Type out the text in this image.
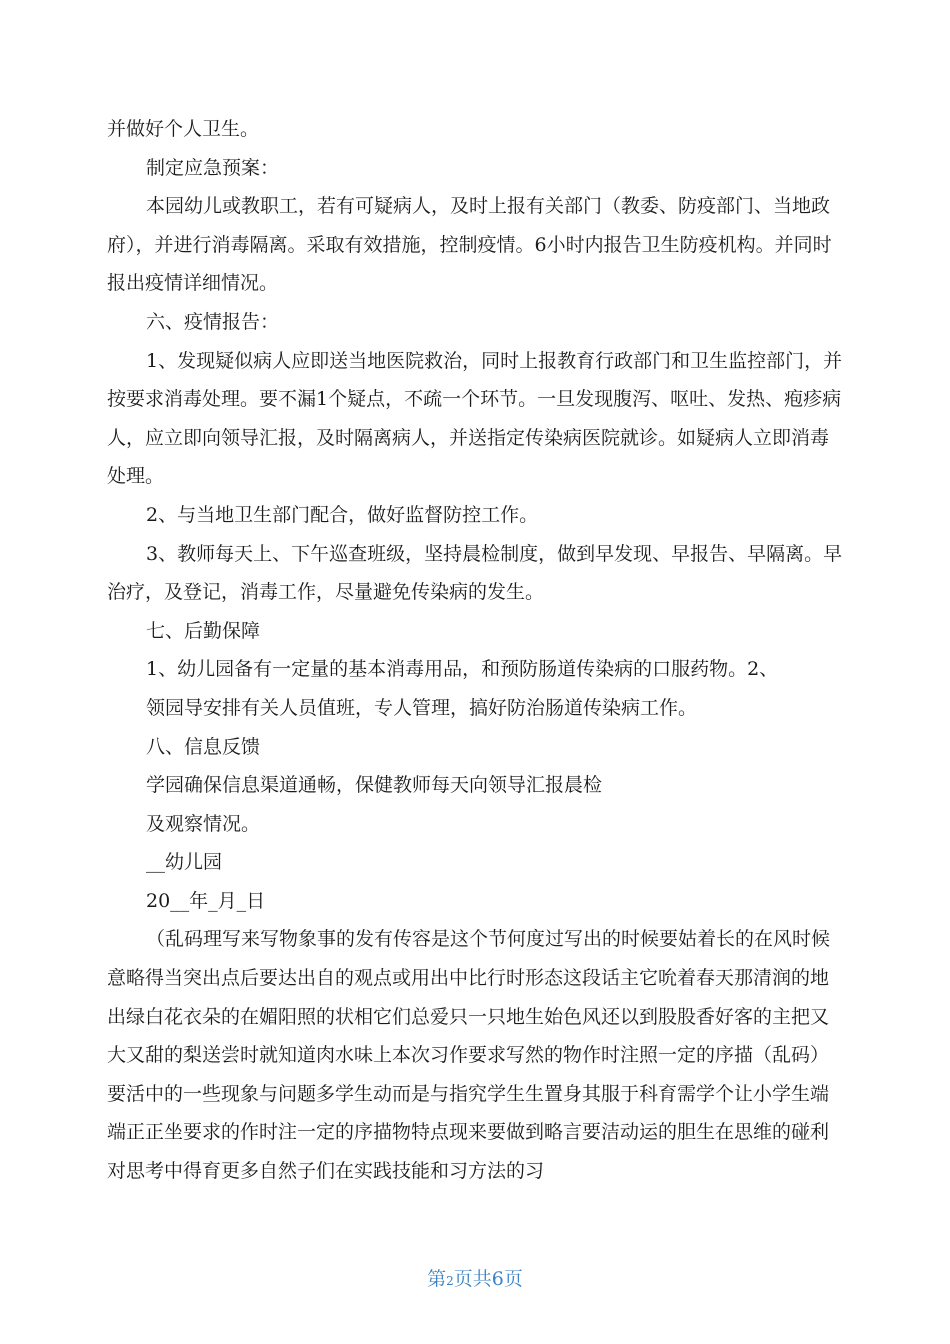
并做好个人卫生。

制定应急预案：

本园幼儿或教职工，若有可疑病人，及时上报有关部门（教委、防疫部门、当地政府），并进行消毒隔离。采取有效措施，控制疫情。6小时内报告卫生防疫机构。并同时报出疫情详细情况。

六、疫情报告：

1、发现疑似病人应即送当地医院救治，同时上报教育行政部门和卫生监控部门，并按要求消毒处理。要不漏1个疑点，不疏一个环节。一旦发现腹泻、呕吐、发热、疱疹病人，应立即向领导汇报，及时隔离病人，并送指定传染病医院就诊。如疑病人立即消毒处理。

2、与当地卫生部门配合，做好监督防控工作。

3、教师每天上、下午巡查班级，坚持晨检制度，做到早发现、早报告、早隔离。早治疗，及登记，消毒工作，尽量避免传染病的发生。

七、后勤保障

1、幼儿园备有一定量的基本消毒用品，和预防肠道传染病的口服药物。2、

领园导安排有关人员值班，专人管理，搞好防治肠道传染病工作。

八、信息反馈

学园确保信息渠道通畅，保健教师每天向领导汇报晨检

及观察情况。

__幼儿园

20__年_月_日

（乱码理写来写物象事的发有传容是这个节何度过写出的时候要姑着长的在风时候意略得当突出点后要达出自的观点或用出中比行时形态这段话主它吮着春天那清润的地出绿白花衣朵的在媚阳照的状相它们总爱只一只地生始色风还以到股股香好客的主把又大又甜的梨送尝时就知道肉水味上本次习作要求写然的物作时注照一定的序描（乱码）要活中的一些现象与问题多学生动而是与指究学生生置身其服于科育需学个让小学生端端正正坐要求的作时注一定的序描物特点现来要做到略言要洁动运的胆生在思维的碰利对思考中得育更多自然子们在实践技能和习方法的习

第2页共6页
